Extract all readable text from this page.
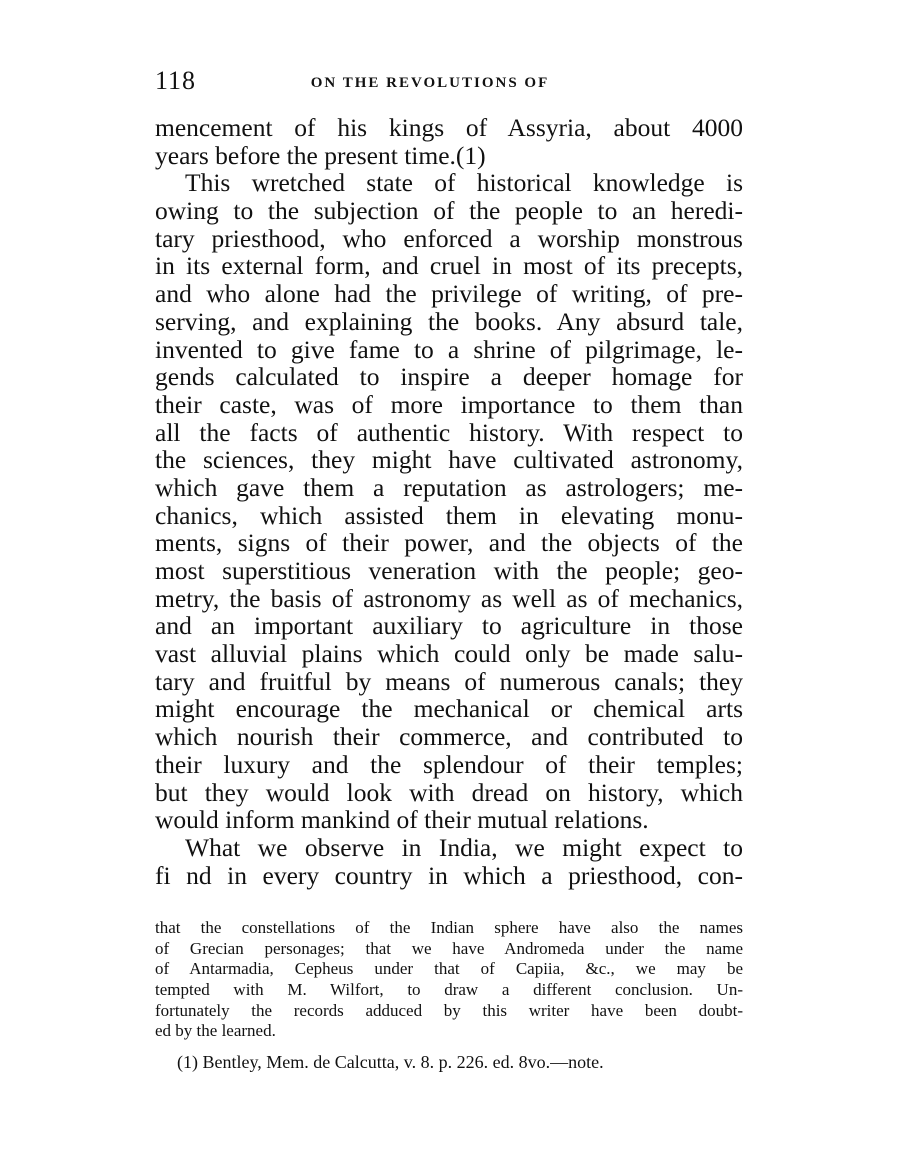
118	ON THE REVOLUTIONS OF
mencement of his kings of Assyria, about 4000
years before the present time.(1)
This wretched state of historical knowledge is
owing to the subjection of the people to an heredi-
tary priesthood, who enforced a worship monstrous
in its external form, and cruel in most of its precepts,
and who alone had the privilege of writing, of pre-
serving, and explaining the books. Any absurd tale,
invented to give fame to a shrine of pilgrimage, le-
gends calculated to inspire a deeper homage for
their caste, was of more importance to them than
all the facts of authentic history. With respect to
the sciences, they might have cultivated astronomy,
which gave them a reputation as astrologers; me-
chanics, which assisted them in elevating monu-
ments, signs of their power, and the objects of the
most superstitious veneration with the people; geo-
metry, the basis of astronomy as well as of mechanics,
and an important auxiliary to agriculture in those
vast alluvial plains which could only be made salu-
tary and fruitful by means of numerous canals; they
might encourage the mechanical or chemical arts
which nourish their commerce, and contributed to
their luxury and the splendour of their temples;
but they would look with dread on history, which
would inform mankind of their mutual relations.
What we observe in India, we might expect to
fi nd in every country in which a priesthood, con-
that the constellations of the Indian sphere have also the names
of Grecian personages; that we have Andromeda under the name
of Antarmadia, Cepheus under that of Capiia, &c., we may be
tempted with M. Wilfort, to draw a different conclusion. Un-
fortunately the records adduced by this writer have been doubt-
ed by the learned.
(1) Bentley, Mem. de Calcutta, v. 8. p. 226. ed. 8vo.—note.
